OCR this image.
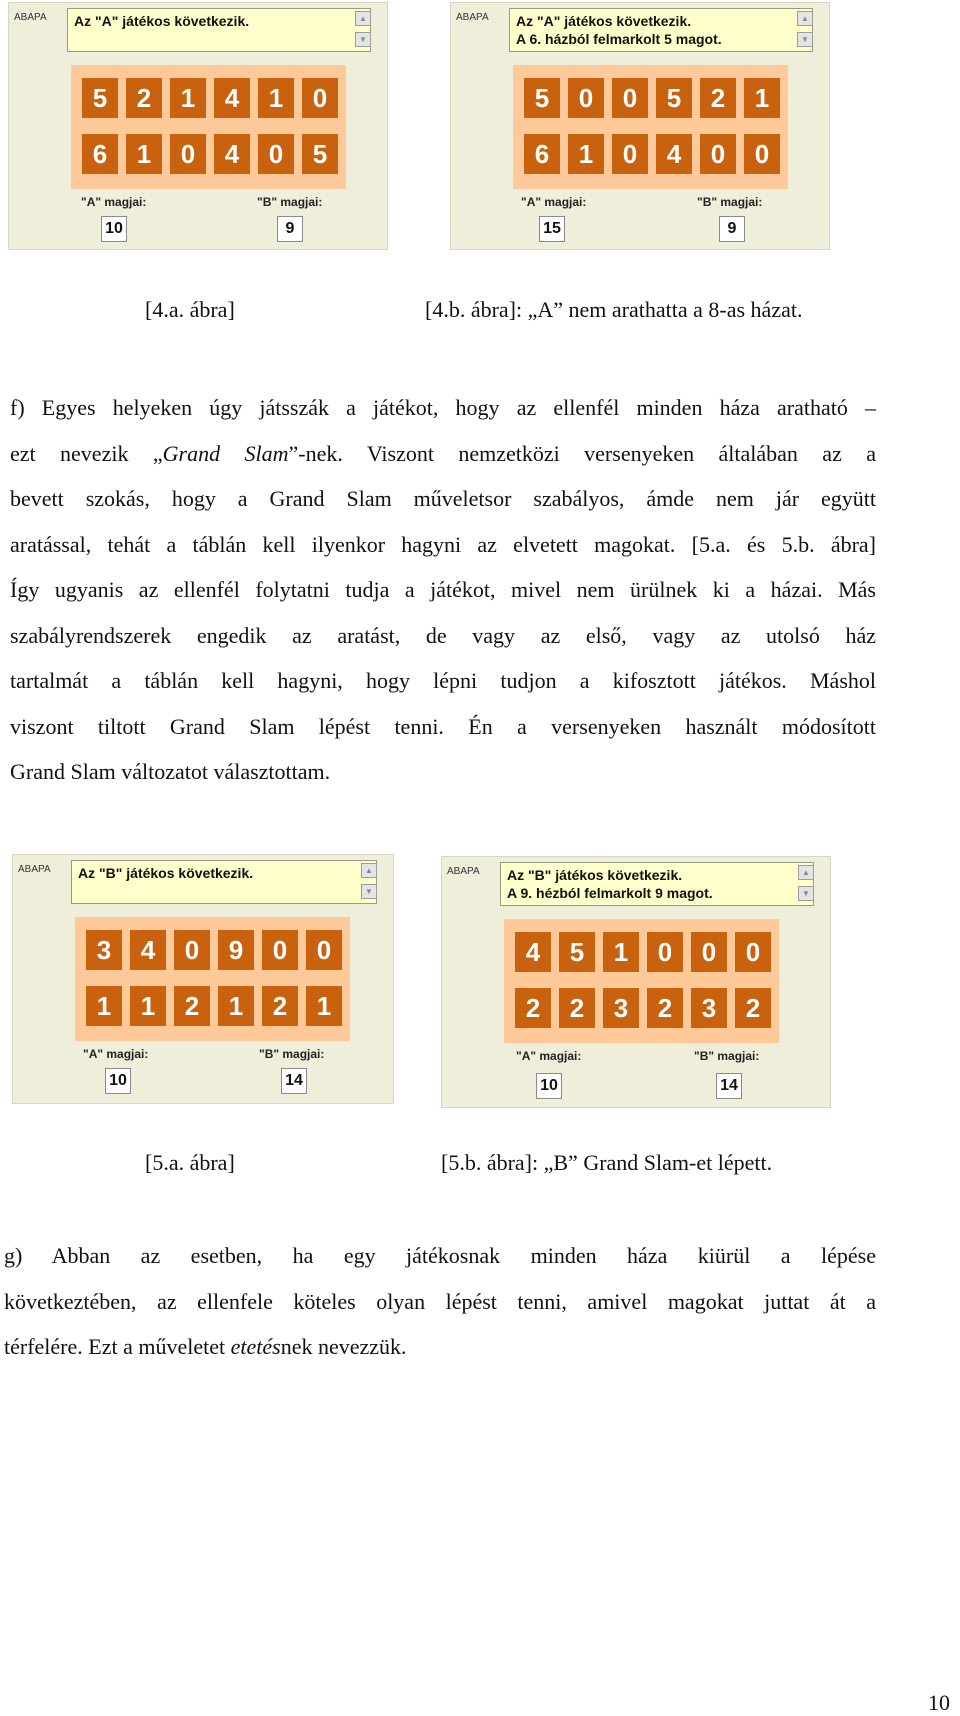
ABAPA Az "A" játékos következik.	▲
▼
5	2	1	4	1	0
6	1	0	4	0	5
"A" magjai:	"B" magjai:
10	9
ABAPA Az "A" játékos következik.
A 6. házból felmarkolt 5 magot.
▲
▼
5	0	0	5	2	1
6	1	0	4	0	0
"A" magjai:	"B" magjai:
15	9
[4.a. ábra]	[4.b. ábra]: „A” nem arathatta a 8-as házat.
f) Egyes helyeken úgy játsszák a játékot, hogy az ellenfél minden háza aratható –
ezt nevezik „Grand Slam”-nek. Viszont nemzetközi versenyeken általában az a
bevett szokás, hogy a Grand Slam műveletsor szabályos, ámde nem jár együtt
aratással, tehát a táblán kell ilyenkor hagyni az elvetett magokat. [5.a. és 5.b. ábra]
Így ugyanis az ellenfél folytatni tudja a játékot, mivel nem ürülnek ki a házai. Más
szabályrendszerek engedik az aratást, de vagy az első, vagy az utolsó ház
tartalmát a táblán kell hagyni, hogy lépni tudjon a kifosztott játékos. Máshol
viszont tiltott Grand Slam lépést tenni. Én a versenyeken használt módosított
Grand Slam változatot választottam.
ABAPA Az "B" játékos következik.	▲
▼
3	4	0	9	0	0
1	1	2	1	2	1
"A" magjai:	"B" magjai:
10	14
ABAPA Az "B" játékos következik.
A 9. hézból felmarkolt 9 magot.
▲
▼
4	5	1	0	0	0
2	2	3	2	3	2
"A" magjai:	"B" magjai:
10	14
[5.a. ábra]	[5.b. ábra]: „B” Grand Slam-et lépett.
g) Abban az esetben, ha egy játékosnak minden háza kiürül a lépése
következtében, az ellenfele köteles olyan lépést tenni, amivel magokat juttat át a
térfelére. Ezt a műveletet etetésnek nevezzük.
10
